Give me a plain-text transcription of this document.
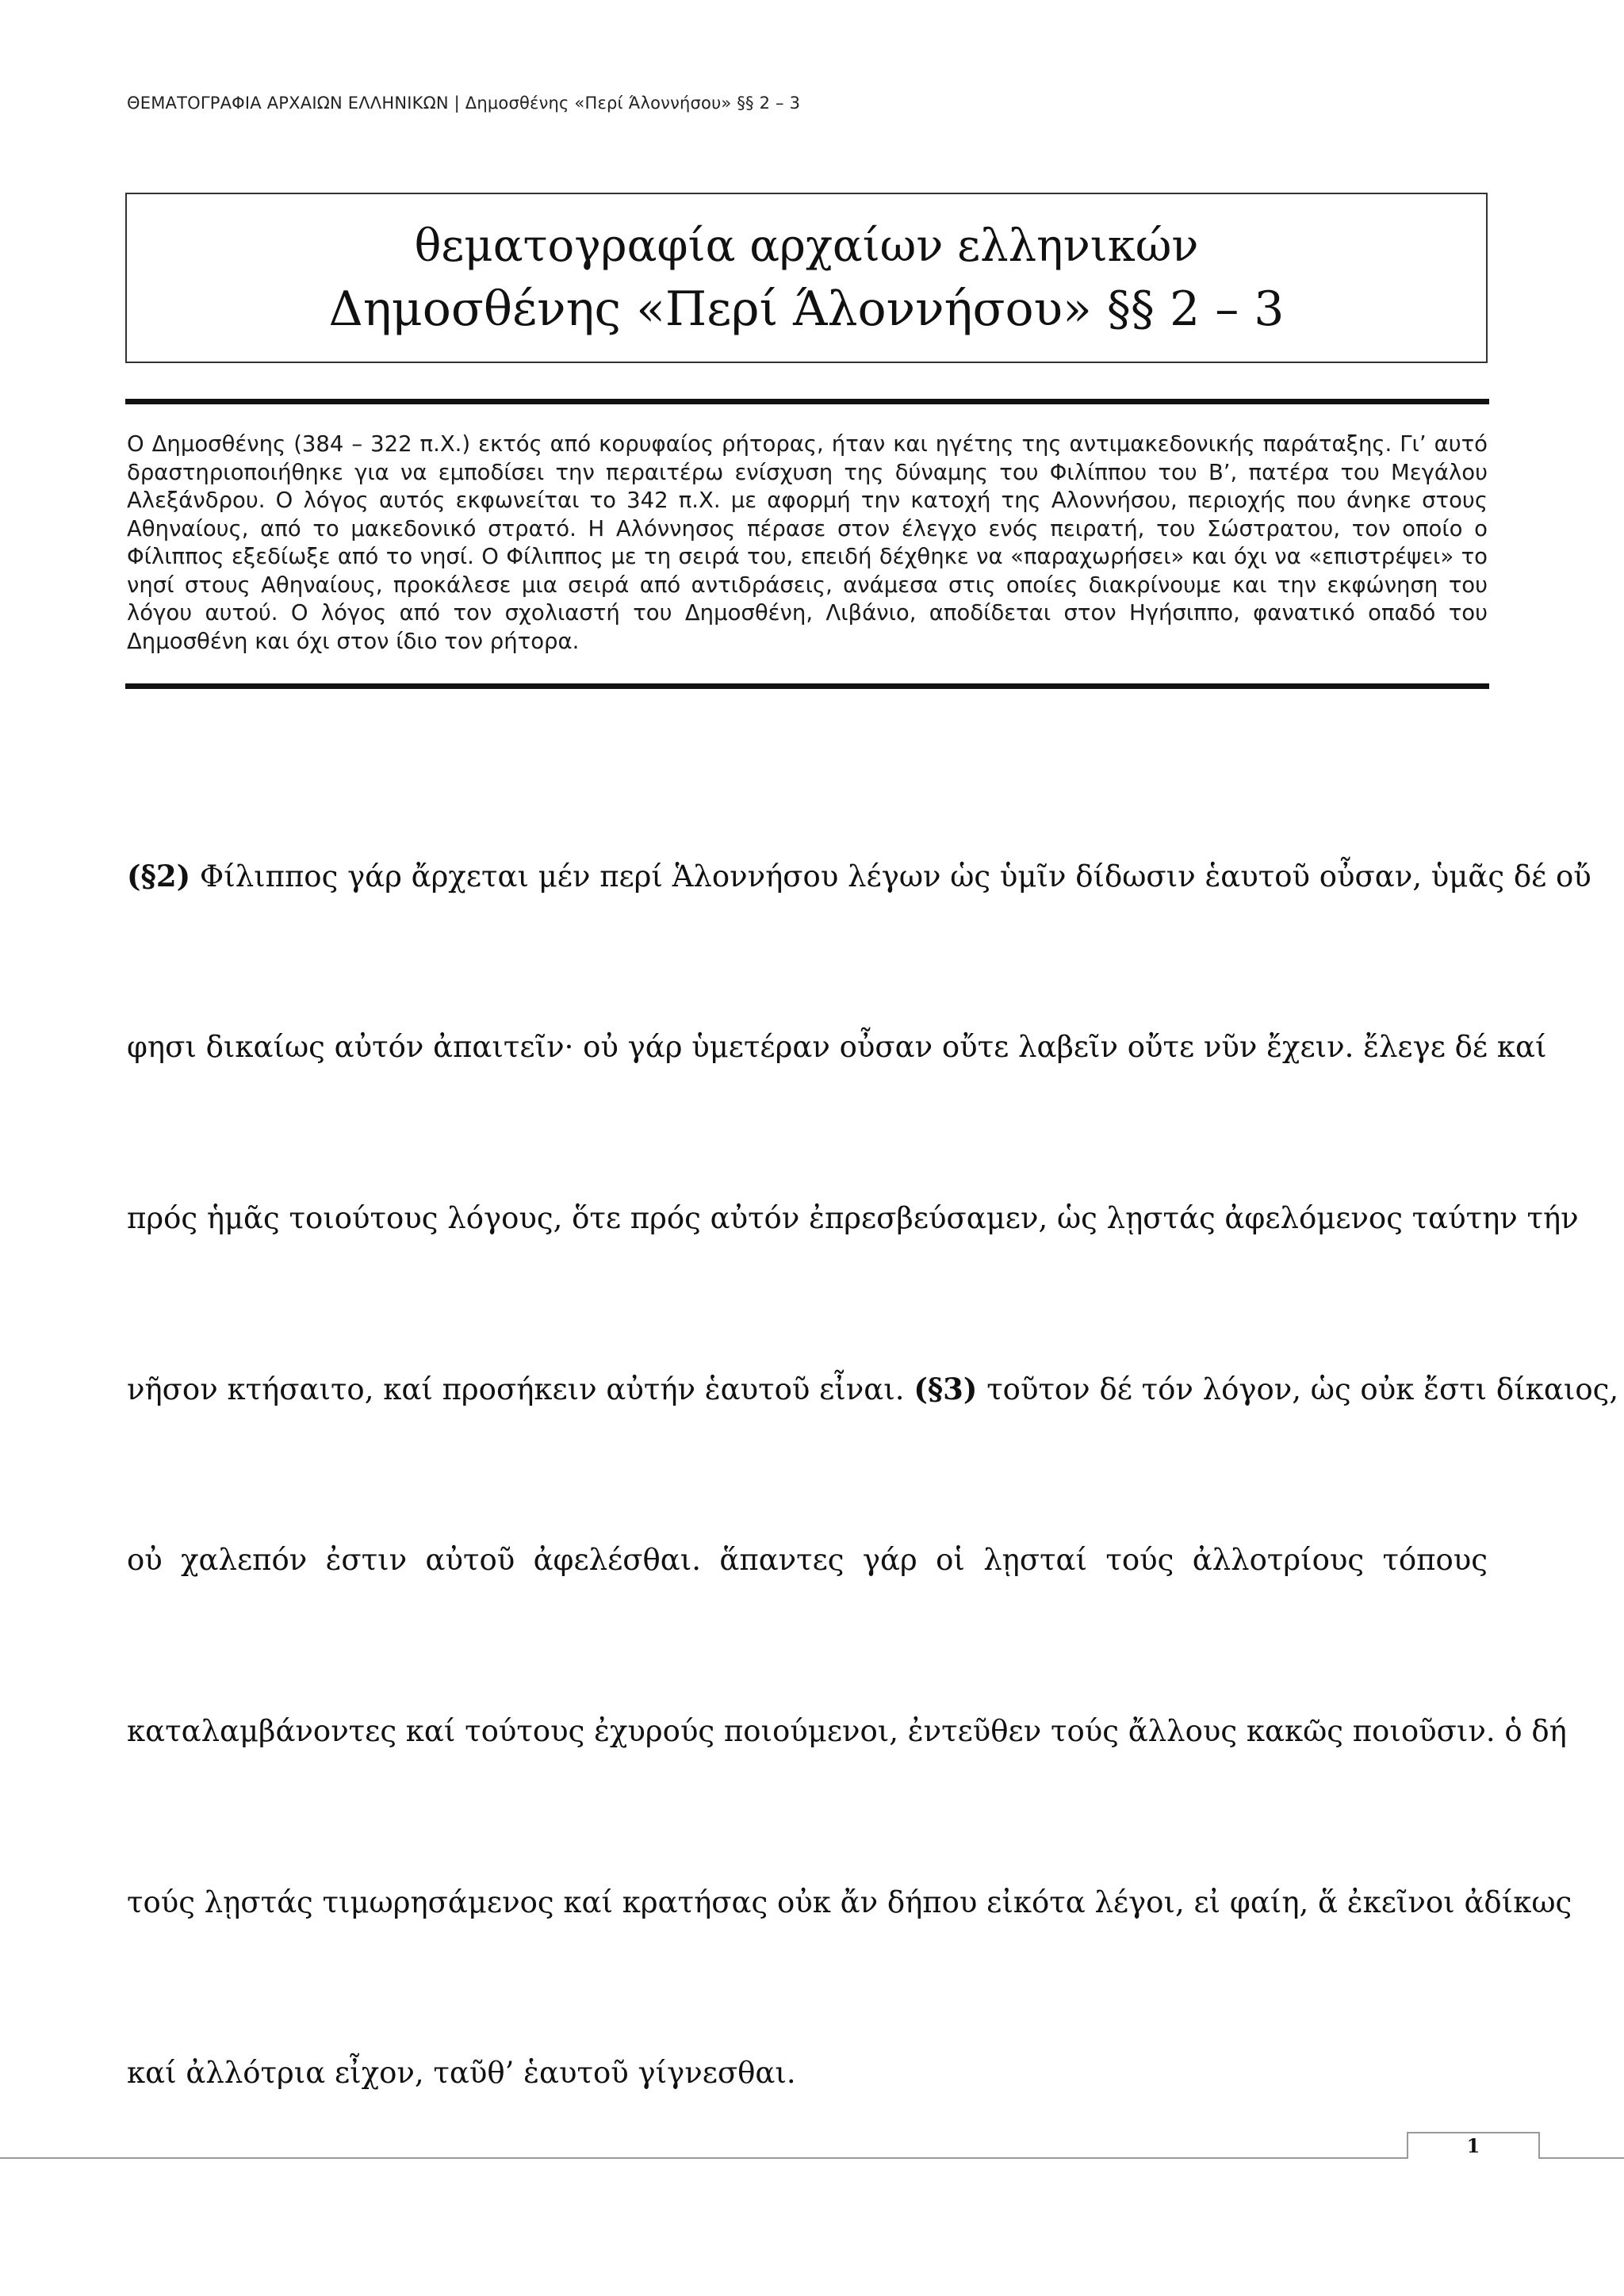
ΘΕΜΑΤΟΓΡΑΦΙΑ ΑΡΧΑΙΩΝ ΕΛΛΗΝΙΚΩΝ | Δημοσθένης «Περί Άλοννήσου» §§ 2 – 3
θεματογραφία αρχαίων ελληνικών
Δημοσθένης «Περί Άλοννήσου» §§ 2 – 3
Ο Δημοσθένης (384 – 322 π.Χ.) εκτός από κορυφαίος ρήτορας, ήταν και ηγέτης της αντιμακεδονικής παράταξης. Γι’ αυτό δραστηριοποιήθηκε για να εμποδίσει την περαιτέρω ενίσχυση της δύναμης του Φιλίππου του Β’, πατέρα του Μεγάλου Αλεξάνδρου. Ο λόγος αυτός εκφωνείται το 342 π.Χ. με αφορμή την κατοχή της Αλοννήσου, περιοχής που άνηκε στους Αθηναίους, από το μακεδονικό στρατό. Η Αλόννησος πέρασε στον έλεγχο ενός πειρατή, του Σώστρατου, τον οποίο ο Φίλιππος εξεδίωξε από το νησί. Ο Φίλιππος με τη σειρά του, επειδή δέχθηκε να «παραχωρήσει» και όχι να «επιστρέψει» το νησί στους Αθηναίους, προκάλεσε μια σειρά από αντιδράσεις, ανάμεσα στις οποίες διακρίνουμε και την εκφώνηση του λόγου αυτού. Ο λόγος από τον σχολιαστή του Δημοσθένη, Λιβάνιο, αποδίδεται στον Ηγήσιππο, φανατικό οπαδό του Δημοσθένη και όχι στον ίδιο τον ρήτορα.
(§2) Φίλιππος γάρ ἄρχεται μέν περί Ἁλοννήσου λέγων ὡς ὑμῖν δίδωσιν ἑαυτοῦ οὖσαν, ὑμᾶς δέ οὔ
φησι δικαίως αὐτόν ἀπαιτεῖν· οὐ γάρ ὑμετέραν οὖσαν οὔτε λαβεῖν οὔτε νῦν ἔχειν. ἔλεγε δέ καί
πρός ἡμᾶς τοιούτους λόγους, ὅτε πρός αὐτόν ἐπρεσβεύσαμεν, ὡς λῃστάς ἀφελόμενος ταύτην τήν
νῆσον κτήσαιτο, καί προσήκειν αὐτήν ἑαυτοῦ εἶναι. (§3) τοῦτον δέ τόν λόγον, ὡς οὐκ ἔστι δίκαιος,
οὐ χαλεπόν ἐστιν αὐτοῦ ἀφελέσθαι. ἅπαντες γάρ οἱ λῃσταί τούς ἀλλοτρίους τόπους
καταλαμβάνοντες καί τούτους ἐχυρούς ποιούμενοι, ἐντεῦθεν τούς ἄλλους κακῶς ποιοῦσιν. ὁ δή
τούς λῃστάς τιμωρησάμενος καί κρατήσας οὐκ ἄν δήπου εἰκότα λέγοι, εἰ φαίη, ἅ ἐκεῖνοι ἀδίκως
καί ἀλλότρια εἶχον, ταῦθ’ ἑαυτοῦ γίγνεσθαι.
1
